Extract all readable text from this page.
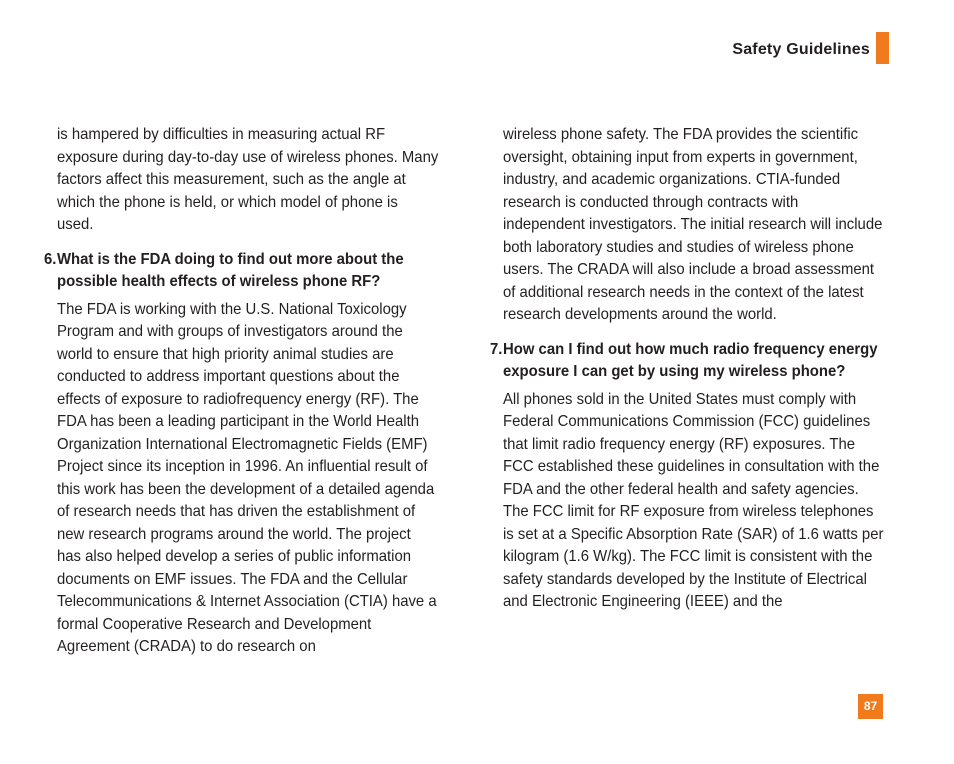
Safety Guidelines

is hampered by difficulties in measuring actual RF exposure during day-to-day use of wireless phones. Many factors affect this measurement, such as the angle at which the phone is held, or which model of phone is used.

6. What is the FDA doing to find out more about the possible health effects of wireless phone RF?

The FDA is working with the U.S. National Toxicology Program and with groups of investigators around the world to ensure that high priority animal studies are conducted to address important questions about the effects of exposure to radiofrequency energy (RF). The FDA has been a leading participant in the World Health Organization International Electromagnetic Fields (EMF) Project since its inception in 1996. An influential result of this work has been the development of a detailed agenda of research needs that has driven the establishment of new research programs around the world. The project has also helped develop a series of public information documents on EMF issues. The FDA and the Cellular Telecommunications & Internet Association (CTIA) have a formal Cooperative Research and Development Agreement (CRADA) to do research on

wireless phone safety. The FDA provides the scientific oversight, obtaining input from experts in government, industry, and academic organizations. CTIA-funded research is conducted through contracts with independent investigators. The initial research will include both laboratory studies and studies of wireless phone users. The CRADA will also include a broad assessment of additional research needs in the context of the latest research developments around the world.

7. How can I find out how much radio frequency energy exposure I can get by using my wireless phone?

All phones sold in the United States must comply with Federal Communications Commission (FCC) guidelines that limit radio frequency energy (RF) exposures. The FCC established these guidelines in consultation with the FDA and the other federal health and safety agencies. The FCC limit for RF exposure from wireless telephones is set at a Specific Absorption Rate (SAR) of 1.6 watts per kilogram (1.6 W/kg). The FCC limit is consistent with the safety standards developed by the Institute of Electrical and Electronic Engineering (IEEE) and the

87
